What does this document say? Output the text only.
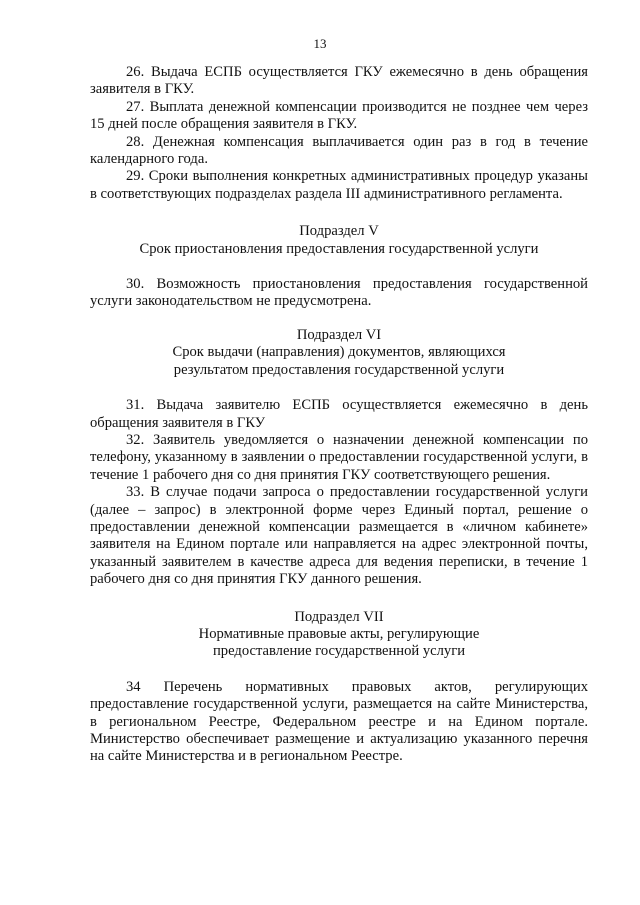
13

26. Выдача ЕСПБ осуществляется ГКУ ежемесячно в день обращения заявителя в ГКУ.

27. Выплата денежной компенсации производится не позднее чем через 15 дней после обращения заявителя в ГКУ.

28. Денежная компенсация выплачивается один раз в год в течение календарного года.

29. Сроки выполнения конкретных административных процедур указаны в соответствующих подразделах раздела III административного регламента.

Подраздел V

Срок приостановления предоставления государственной услуги

30. Возможность приостановления предоставления государственной услуги законодательством не предусмотрена.

Подраздел VI

Срок выдачи (направления) документов, являющихся

результатом предоставления государственной услуги

31. Выдача заявителю ЕСПБ осуществляется ежемесячно в день обращения заявителя в ГКУ

32. Заявитель уведомляется о назначении денежной компенсации по телефону, указанному в заявлении о предоставлении государственной услуги, в течение 1 рабочего дня со дня принятия ГКУ соответствующего решения.

33. В случае подачи запроса о предоставлении государственной услуги (далее – запрос) в электронной форме через Единый портал, решение о предоставлении денежной компенсации размещается в «личном кабинете» заявителя на Едином портале или направляется на адрес электронной почты, указанный заявителем в качестве адреса для ведения переписки, в течение 1 рабочего дня со дня принятия ГКУ данного решения.

Подраздел VII

Нормативные правовые акты, регулирующие

предоставление государственной услуги

34 Перечень нормативных правовых актов, регулирующих предоставление государственной услуги, размещается на сайте Министерства, в региональном Реестре, Федеральном реестре и на Едином портале. Министерство обеспечивает размещение и актуализацию указанного перечня на сайте Министерства и в региональном Реестре.
